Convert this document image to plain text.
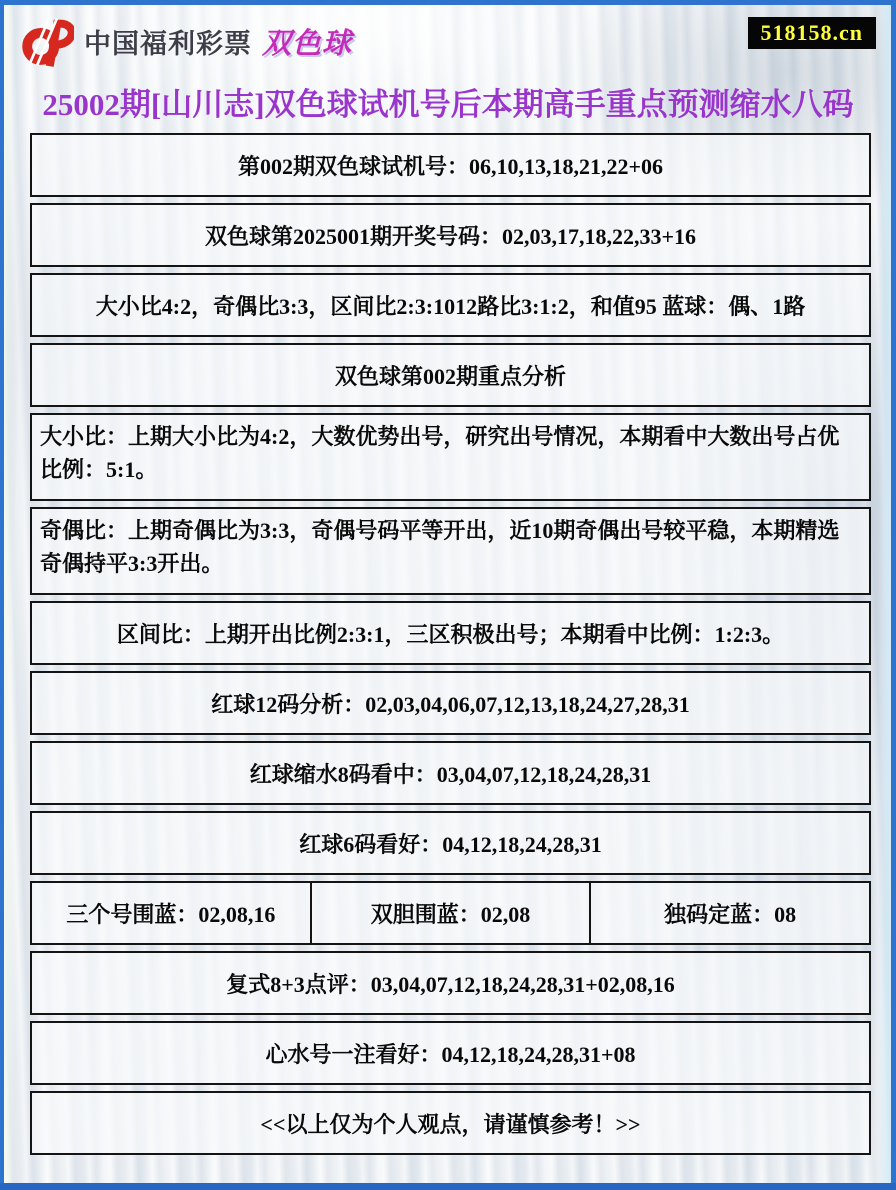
中国福利彩票 双色球	518158.cn
25002期[山川志]双色球试机号后本期高手重点预测缩水八码
第002期双色球试机号：06,10,13,18,21,22+06
双色球第2025001期开奖号码：02,03,17,18,22,33+16
大小比4:2，奇偶比3:3，区间比2:3:1012路比3:1:2，和值95 蓝球：偶、1路
双色球第002期重点分析
大小比：上期大小比为4:2，大数优势出号，研究出号情况，本期看中大数出号占优比例：5:1。
奇偶比：上期奇偶比为3:3，奇偶号码平等开出，近10期奇偶出号较平稳，本期精选奇偶持平3:3开出。
区间比：上期开出比例2:3:1，三区积极出号；本期看中比例：1:2:3。
红球12码分析：02,03,04,06,07,12,13,18,24,27,28,31
红球缩水8码看中：03,04,07,12,18,24,28,31
红球6码看好：04,12,18,24,28,31
三个号围蓝：02,08,16	双胆围蓝：02,08	独码定蓝：08
复式8+3点评：03,04,07,12,18,24,28,31+02,08,16
心水号一注看好：04,12,18,24,28,31+08
<<以上仅为个人观点，请谨慎参考！>>
